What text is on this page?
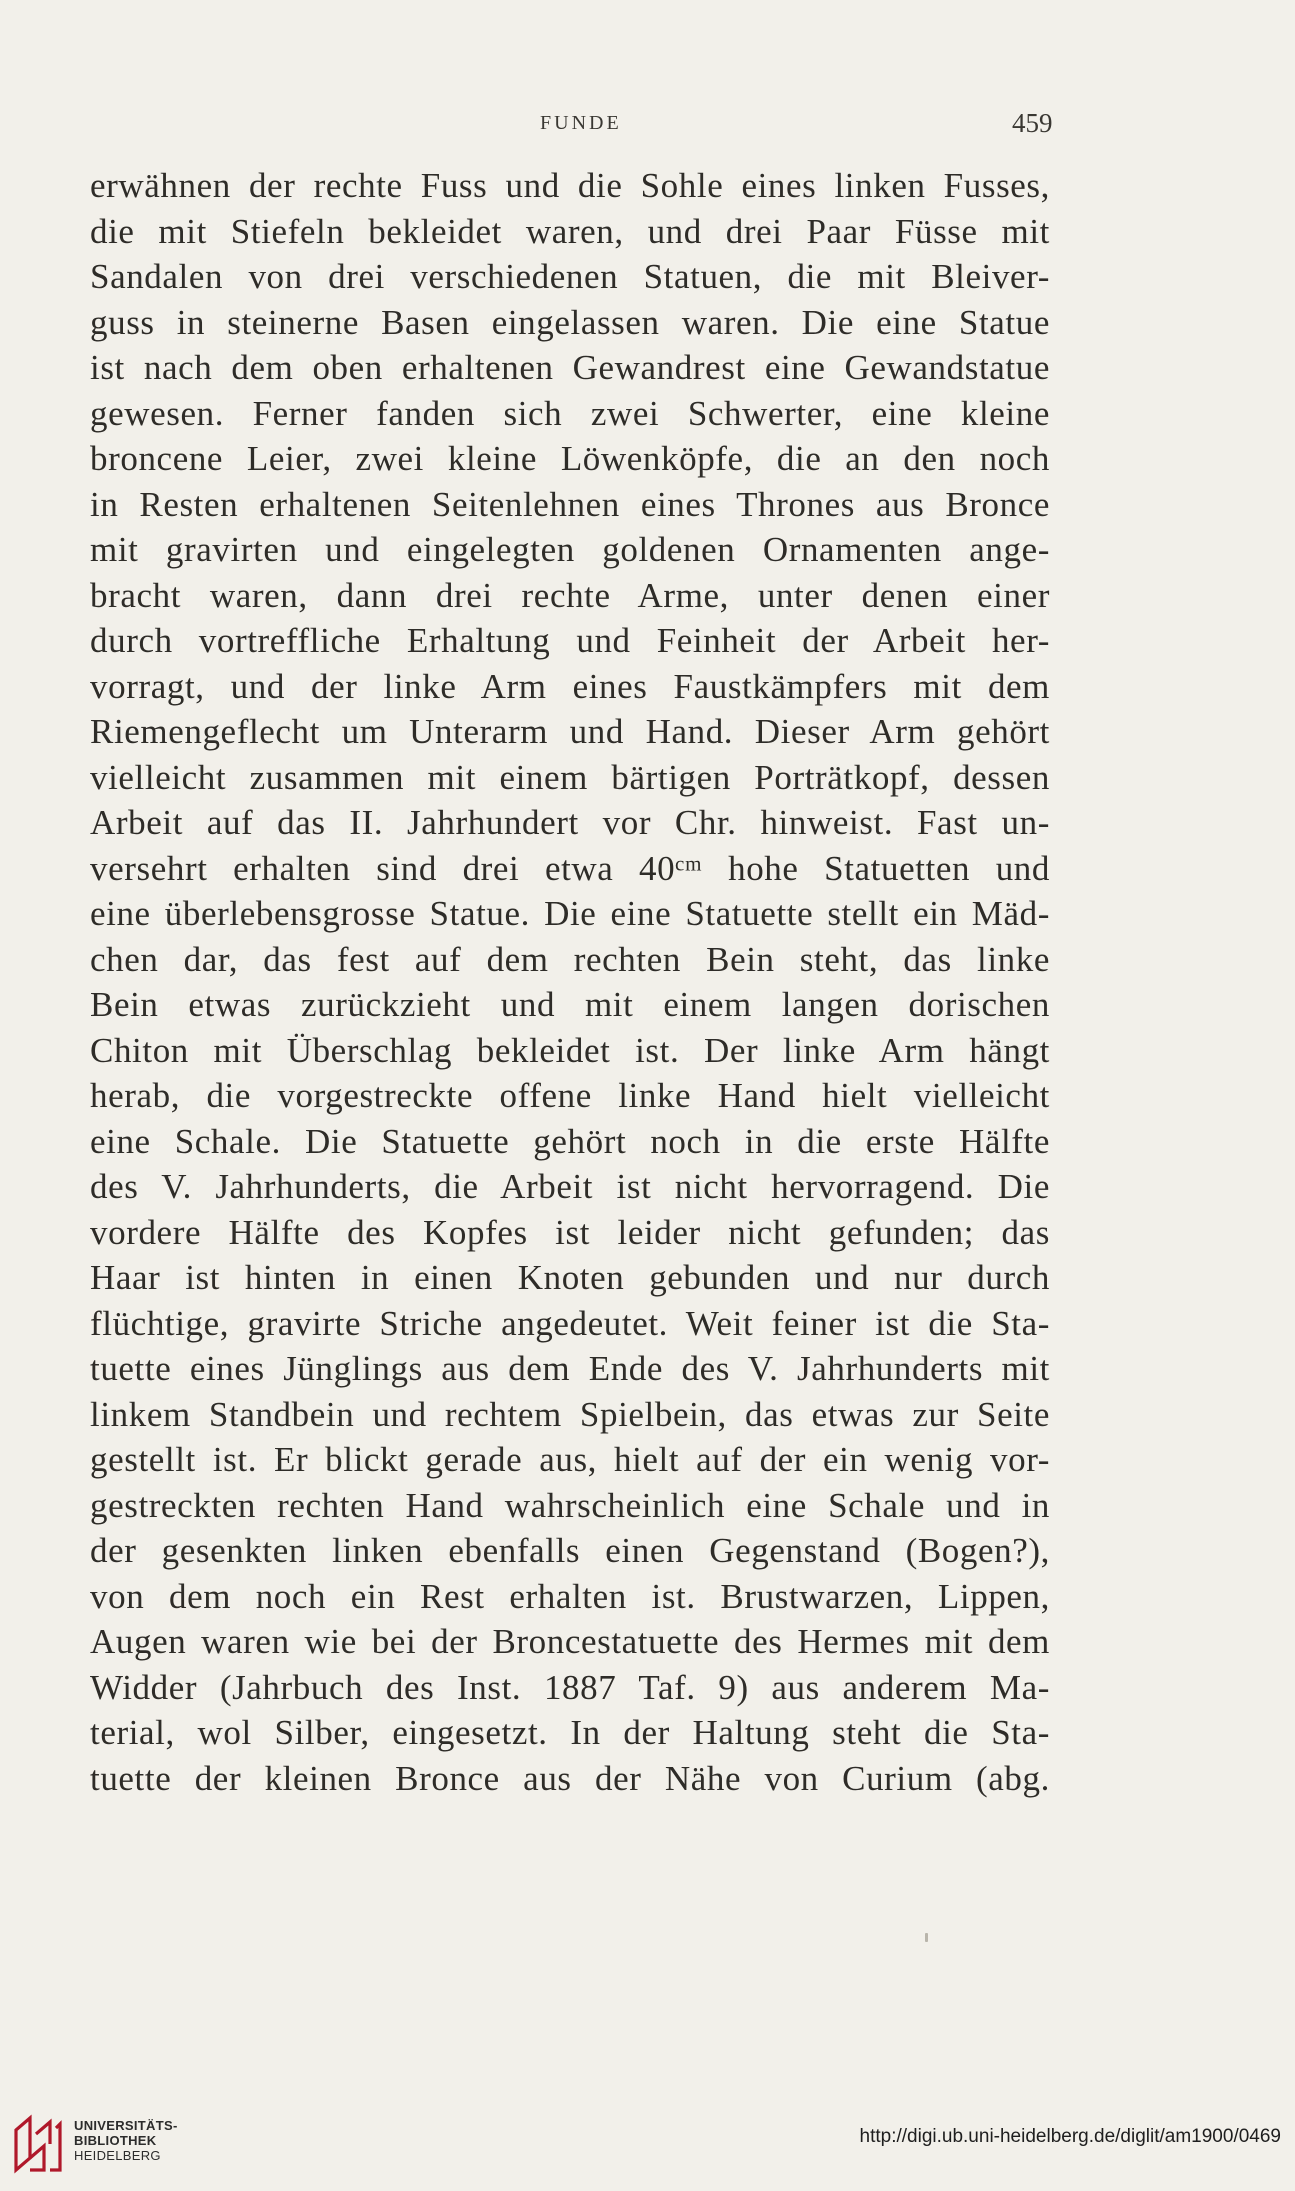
FUNDE	459
erwähnen der rechte Fuss und die Sohle eines linken Fusses,
die mit Stiefeln bekleidet waren, und drei Paar Füsse mit
Sandalen von drei verschiedenen Statuen, die mit Bleiver-
guss in steinerne Basen eingelassen waren. Die eine Statue
ist nach dem oben erhaltenen Gewandrest eine Gewandstatue
gewesen. Ferner fanden sich zwei Schwerter, eine kleine
broncene Leier, zwei kleine Löwenköpfe, die an den noch
in Resten erhaltenen Seitenlehnen eines Thrones aus Bronce
mit gravirten und eingelegten goldenen Ornamenten ange-
bracht waren, dann drei rechte Arme, unter denen einer
durch vortreffliche Erhaltung und Feinheit der Arbeit her-
vorragt, und der linke Arm eines Faustkämpfers mit dem
Riemengeflecht um Unterarm und Hand. Dieser Arm gehört
vielleicht zusammen mit einem bärtigen Porträtkopf, dessen
Arbeit auf das II. Jahrhundert vor Chr. hinweist. Fast un-
versehrt erhalten sind drei etwa 40ᶜᵐ hohe Statuetten und
eine überlebensgrosse Statue. Die eine Statuette stellt ein Mäd-
chen dar, das fest auf dem rechten Bein steht, das linke
Bein etwas zurückzieht und mit einem langen dorischen
Chiton mit Überschlag bekleidet ist. Der linke Arm hängt
herab, die vorgestreckte offene linke Hand hielt vielleicht
eine Schale. Die Statuette gehört noch in die erste Hälfte
des V. Jahrhunderts, die Arbeit ist nicht hervorragend. Die
vordere Hälfte des Kopfes ist leider nicht gefunden; das
Haar ist hinten in einen Knoten gebunden und nur durch
flüchtige, gravirte Striche angedeutet. Weit feiner ist die Sta-
tuette eines Jünglings aus dem Ende des V. Jahrhunderts mit
linkem Standbein und rechtem Spielbein, das etwas zur Seite
gestellt ist. Er blickt gerade aus, hielt auf der ein wenig vor-
gestreckten rechten Hand wahrscheinlich eine Schale und in
der gesenkten linken ebenfalls einen Gegenstand (Bogen?),
von dem noch ein Rest erhalten ist. Brustwarzen, Lippen,
Augen waren wie bei der Broncestatuette des Hermes mit dem
Widder (Jahrbuch des Inst. 1887 Taf. 9) aus anderem Ma-
terial, wol Silber, eingesetzt. In der Haltung steht die Sta-
tuette der kleinen Bronce aus der Nähe von Curium (abg.
UNIVERSITÄTS-
BIBLIOTHEK
HEIDELBERG
http://digi.ub.uni-heidelberg.de/diglit/am1900/0469
